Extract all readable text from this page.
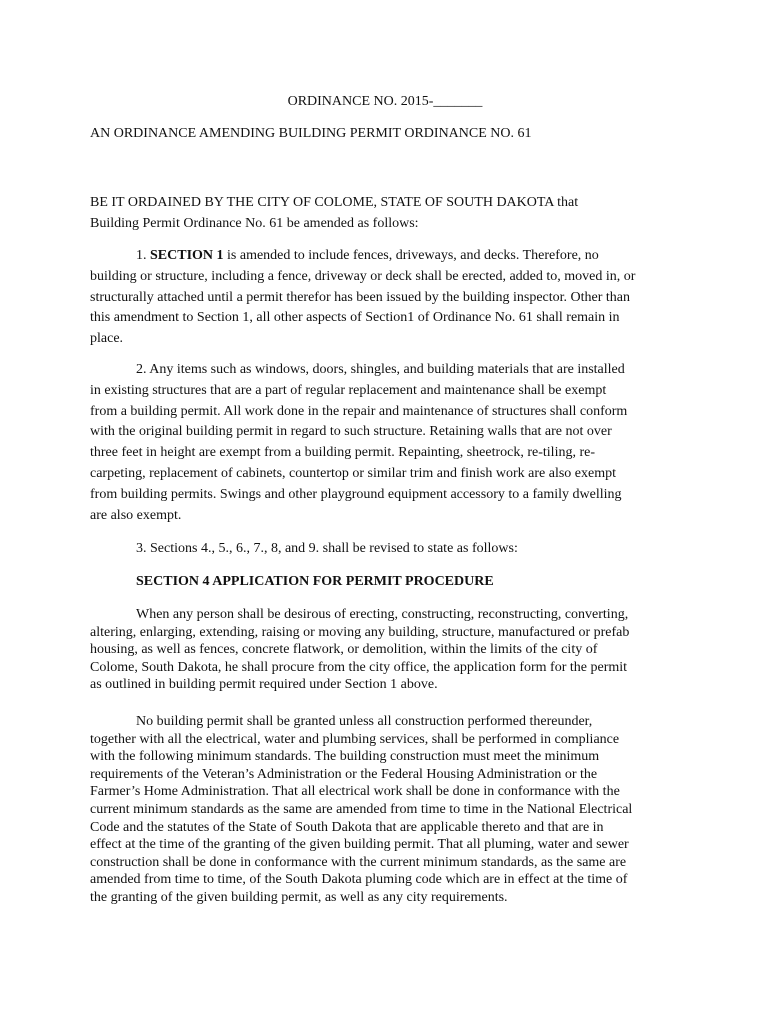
ORDINANCE NO. 2015-_______
AN ORDINANCE AMENDING BUILDING PERMIT ORDINANCE NO. 61
BE IT ORDAINED BY THE CITY OF COLOME, STATE OF SOUTH DAKOTA that
Building Permit Ordinance No. 61 be amended as follows:
1. SECTION 1 is amended to include fences, driveways, and decks. Therefore, no
building or structure, including a fence, driveway or deck shall be erected, added to, moved in, or
structurally attached until a permit therefor has been issued by the building inspector. Other than
this amendment to Section 1, all other aspects of Section1 of Ordinance No. 61 shall remain in
place.
2. Any items such as windows, doors, shingles, and building materials that are installed
in existing structures that are a part of regular replacement and maintenance shall be exempt
from a building permit. All work done in the repair and maintenance of structures shall conform
with the original building permit in regard to such structure. Retaining walls that are not over
three feet in height are exempt from a building permit. Repainting, sheetrock, re-tiling, re-
carpeting, replacement of cabinets, countertop or similar trim and finish work are also exempt
from building permits. Swings and other playground equipment accessory to a family dwelling
are also exempt.
3. Sections 4., 5., 6., 7., 8, and 9. shall be revised to state as follows:
SECTION 4 APPLICATION FOR PERMIT PROCEDURE
When any person shall be desirous of erecting, constructing, reconstructing, converting,
altering, enlarging, extending, raising or moving any building, structure, manufactured or prefab
housing, as well as fences, concrete flatwork, or demolition, within the limits of the city of
Colome, South Dakota, he shall procure from the city office, the application form for the permit
as outlined in building permit required under Section 1 above.
No building permit shall be granted unless all construction performed thereunder,
together with all the electrical, water and plumbing services, shall be performed in compliance
with the following minimum standards. The building construction must meet the minimum
requirements of the Veteran’s Administration or the Federal Housing Administration or the
Farmer’s Home Administration. That all electrical work shall be done in conformance with the
current minimum standards as the same are amended from time to time in the National Electrical
Code and the statutes of the State of South Dakota that are applicable thereto and that are in
effect at the time of the granting of the given building permit. That all pluming, water and sewer
construction shall be done in conformance with the current minimum standards, as the same are
amended from time to time, of the South Dakota pluming code which are in effect at the time of
the granting of the given building permit, as well as any city requirements.
